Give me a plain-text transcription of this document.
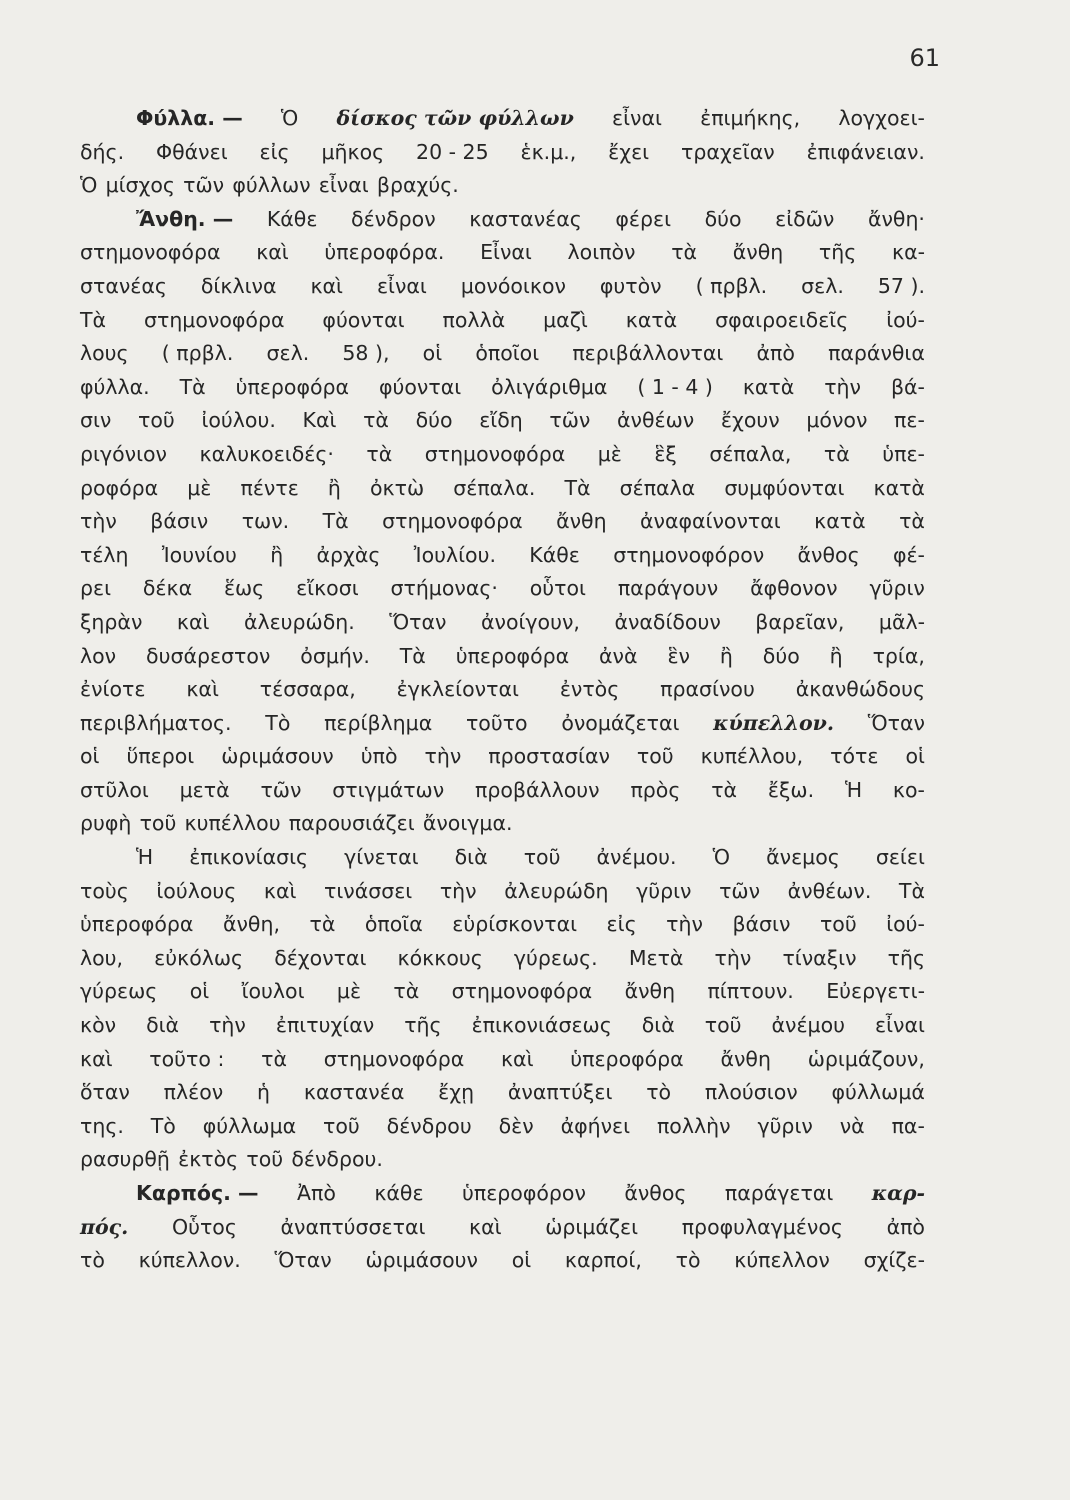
61
Φύλλα. — Ὁ δίσκος τῶν φύλλων εἶναι ἐπιμήκης, λογχοει-
δής. Φθάνει εἰς μῆκος 20 - 25 ἑκ.μ., ἔχει τραχεῖαν ἐπιφάνειαν.
Ὁ μίσχος τῶν φύλλων εἶναι βραχύς.
Ἄνθη. — Κάθε δένδρον καστανέας φέρει δύο εἰδῶν ἄνθη·
στημονοφόρα καὶ ὑπεροφόρα. Εἶναι λοιπὸν τὰ ἄνθη τῆς κα-
στανέας δίκλινα καὶ εἶναι μονόοικον φυτὸν ( πρβλ. σελ. 57 ).
Τὰ στημονοφόρα φύονται πολλὰ μαζὶ κατὰ σφαιροειδεῖς ἰού-
λους ( πρβλ. σελ. 58 ), οἱ ὁποῖοι περιβάλλονται ἀπὸ παράνθια
φύλλα. Τὰ ὑπεροφόρα φύονται ὀλιγάριθμα ( 1 - 4 ) κατὰ τὴν βά-
σιν τοῦ ἰούλου. Καὶ τὰ δύο εἴδη τῶν ἀνθέων ἔχουν μόνον πε-
ριγόνιον καλυκοειδές· τὰ στημονοφόρα μὲ ἓξ σέπαλα, τὰ ὑπε-
ροφόρα μὲ πέντε ἢ ὀκτὼ σέπαλα. Τὰ σέπαλα συμφύονται κατὰ
τὴν βάσιν των. Τὰ στημονοφόρα ἄνθη ἀναφαίνονται κατὰ τὰ
τέλη Ἰουνίου ἢ ἀρχὰς Ἰουλίου. Κάθε στημονοφόρον ἄνθος φέ-
ρει δέκα ἕως εἴκοσι στήμονας· οὗτοι παράγουν ἄφθονον γῦριν
ξηρὰν καὶ ἀλευρώδη. Ὅταν ἀνοίγουν, ἀναδίδουν βαρεῖαν, μᾶλ-
λον δυσάρεστον ὀσμήν. Τὰ ὑπεροφόρα ἀνὰ ἓν ἢ δύο ἢ τρία,
ἐνίοτε καὶ τέσσαρα, ἐγκλείονται ἐντὸς πρασίνου ἀκανθώδους
περιβλήματος. Τὸ περίβλημα τοῦτο ὀνομάζεται κύπελλον. Ὅταν
οἱ ὕπεροι ὡριμάσουν ὑπὸ τὴν προστασίαν τοῦ κυπέλλου, τότε οἱ
στῦλοι μετὰ τῶν στιγμάτων προβάλλουν πρὸς τὰ ἔξω. Ἡ κο-
ρυφὴ τοῦ κυπέλλου παρουσιάζει ἄνοιγμα.
Ἡ ἐπικονίασις γίνεται διὰ τοῦ ἀνέμου. Ὁ ἄνεμος σείει
τοὺς ἰούλους καὶ τινάσσει τὴν ἀλευρώδη γῦριν τῶν ἀνθέων. Τὰ
ὑπεροφόρα ἄνθη, τὰ ὁποῖα εὑρίσκονται εἰς τὴν βάσιν τοῦ ἰού-
λου, εὐκόλως δέχονται κόκκους γύρεως. Μετὰ τὴν τίναξιν τῆς
γύρεως οἱ ἴουλοι μὲ τὰ στημονοφόρα ἄνθη πίπτουν. Εὐεργετι-
κὸν διὰ τὴν ἐπιτυχίαν τῆς ἐπικονιάσεως διὰ τοῦ ἀνέμου εἶναι
καὶ τοῦτο : τὰ στημονοφόρα καὶ ὑπεροφόρα ἄνθη ὡριμάζουν,
ὅταν πλέον ἡ καστανέα ἔχῃ ἀναπτύξει τὸ πλούσιον φύλλωμά
της. Τὸ φύλλωμα τοῦ δένδρου δὲν ἀφήνει πολλὴν γῦριν νὰ πα-
ρασυρθῇ ἐκτὸς τοῦ δένδρου.
Καρπός. — Ἀπὸ κάθε ὑπεροφόρον ἄνθος παράγεται καρ-
πός. Οὗτος ἀναπτύσσεται καὶ ὡριμάζει προφυλαγμένος ἀπὸ
τὸ κύπελλον. Ὅταν ὡριμάσουν οἱ καρποί, τὸ κύπελλον σχίζε-
